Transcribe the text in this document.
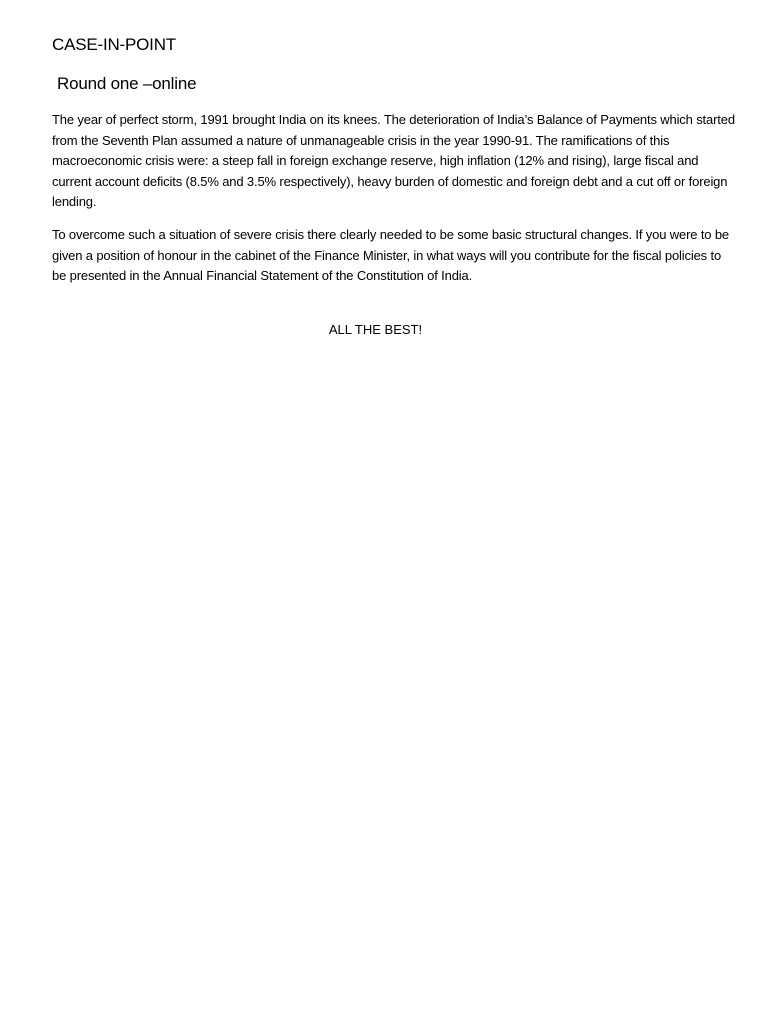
CASE-IN-POINT
Round one –online

The year of perfect storm, 1991 brought India on its knees. The deterioration of India’s Balance of Payments which started from the Seventh Plan assumed a nature of unmanageable crisis in the year 1990-91. The ramifications of this macroeconomic crisis were: a steep fall in foreign exchange reserve, high inflation (12% and rising), large fiscal and current account deficits (8.5% and 3.5% respectively), heavy burden of domestic and foreign debt and a cut off or foreign lending.

To overcome such a situation of severe crisis there clearly needed to be some basic structural changes. If you were to be given a position of honour in the cabinet of the Finance Minister, in what ways will you contribute for the fiscal policies to be presented in the Annual Financial Statement of the Constitution of India.

ALL THE BEST!
